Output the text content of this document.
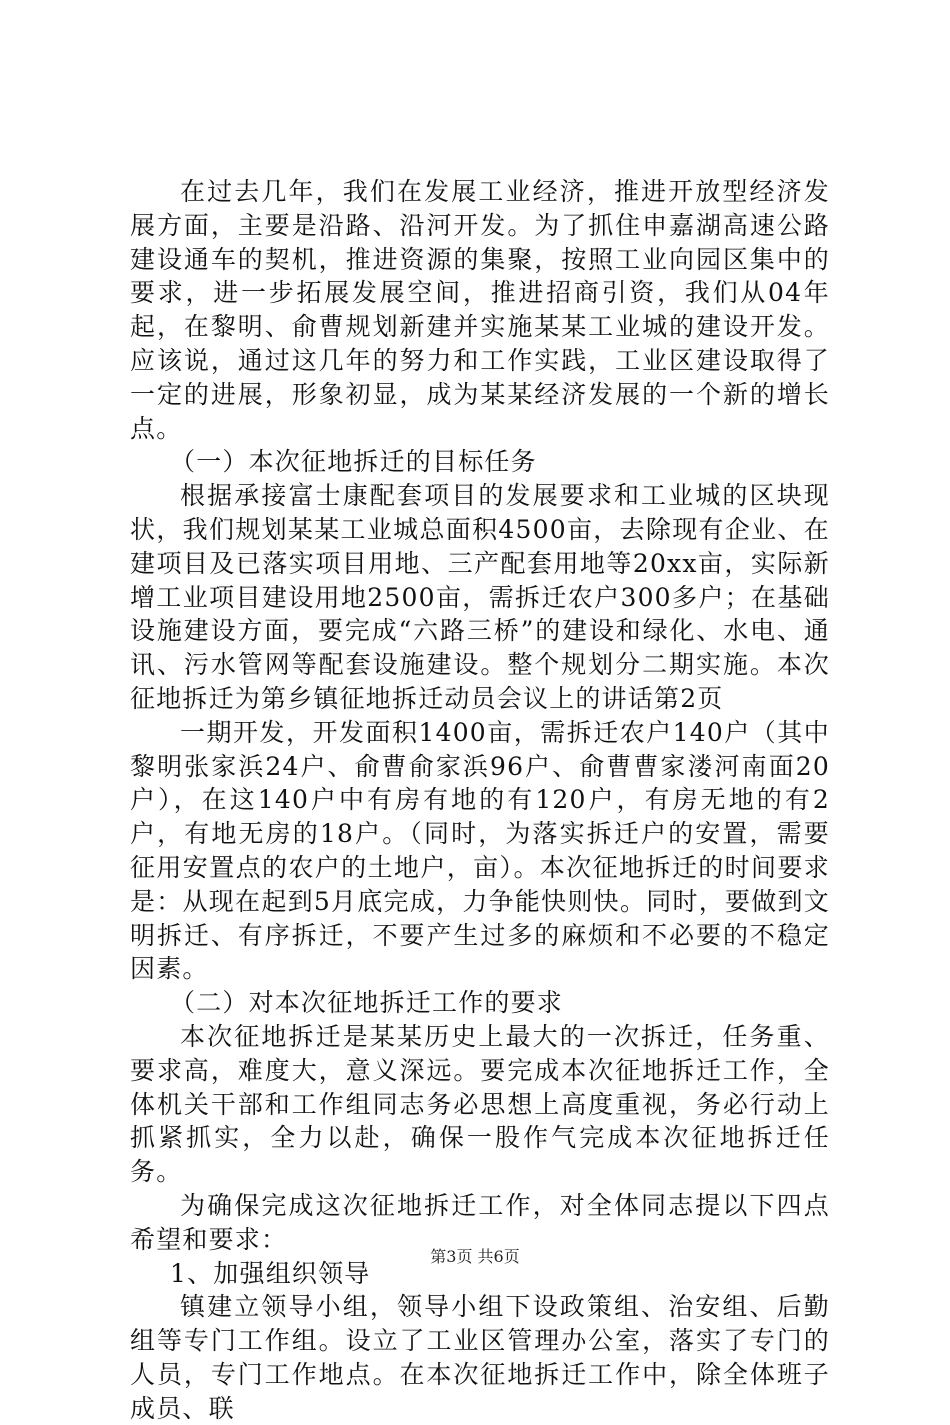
在过去几年，我们在发展工业经济，推进开放型经济发展方面，主要是沿路、沿河开发。为了抓住申嘉湖高速公路建设通车的契机，推进资源的集聚，按照工业向园区集中的要求，进一步拓展发展空间，推进招商引资，我们从04年起，在黎明、俞曹规划新建并实施某某工业城的建设开发。应该说，通过这几年的努力和工作实践，工业区建设取得了一定的进展，形象初显，成为某某经济发展的一个新的增长点。

（一）本次征地拆迁的目标任务

根据承接富士康配套项目的发展要求和工业城的区块现状，我们规划某某工业城总面积4500亩，去除现有企业、在建项目及已落实项目用地、三产配套用地等20xx亩，实际新增工业项目建设用地2500亩，需拆迁农户300多户；在基础设施建设方面，要完成“六路三桥”的建设和绿化、水电、通讯、污水管网等配套设施建设。整个规划分二期实施。本次征地拆迁为第乡镇征地拆迁动员会议上的讲话第2页

一期开发，开发面积1400亩，需拆迁农户140户（其中黎明张家浜24户、俞曹俞家浜96户、俞曹曹家溇河南面20户），在这140户中有房有地的有120户，有房无地的有2户，有地无房的18户。（同时，为落实拆迁户的安置，需要征用安置点的农户的土地户，亩）。本次征地拆迁的时间要求是：从现在起到5月底完成，力争能快则快。同时，要做到文明拆迁、有序拆迁，不要产生过多的麻烦和不必要的不稳定因素。

（二）对本次征地拆迁工作的要求

本次征地拆迁是某某历史上最大的一次拆迁，任务重、要求高，难度大，意义深远。要完成本次征地拆迁工作，全体机关干部和工作组同志务必思想上高度重视，务必行动上抓紧抓实，全力以赴，确保一股作气完成本次征地拆迁任务。

为确保完成这次征地拆迁工作，对全体同志提以下四点希望和要求：

1、加强组织领导

镇建立领导小组，领导小组下设政策组、治安组、后勤组等专门工作组。设立了工业区管理办公室，落实了专门的人员，专门工作地点。在本次征地拆迁工作中，除全体班子成员、联

第3页 共6页
